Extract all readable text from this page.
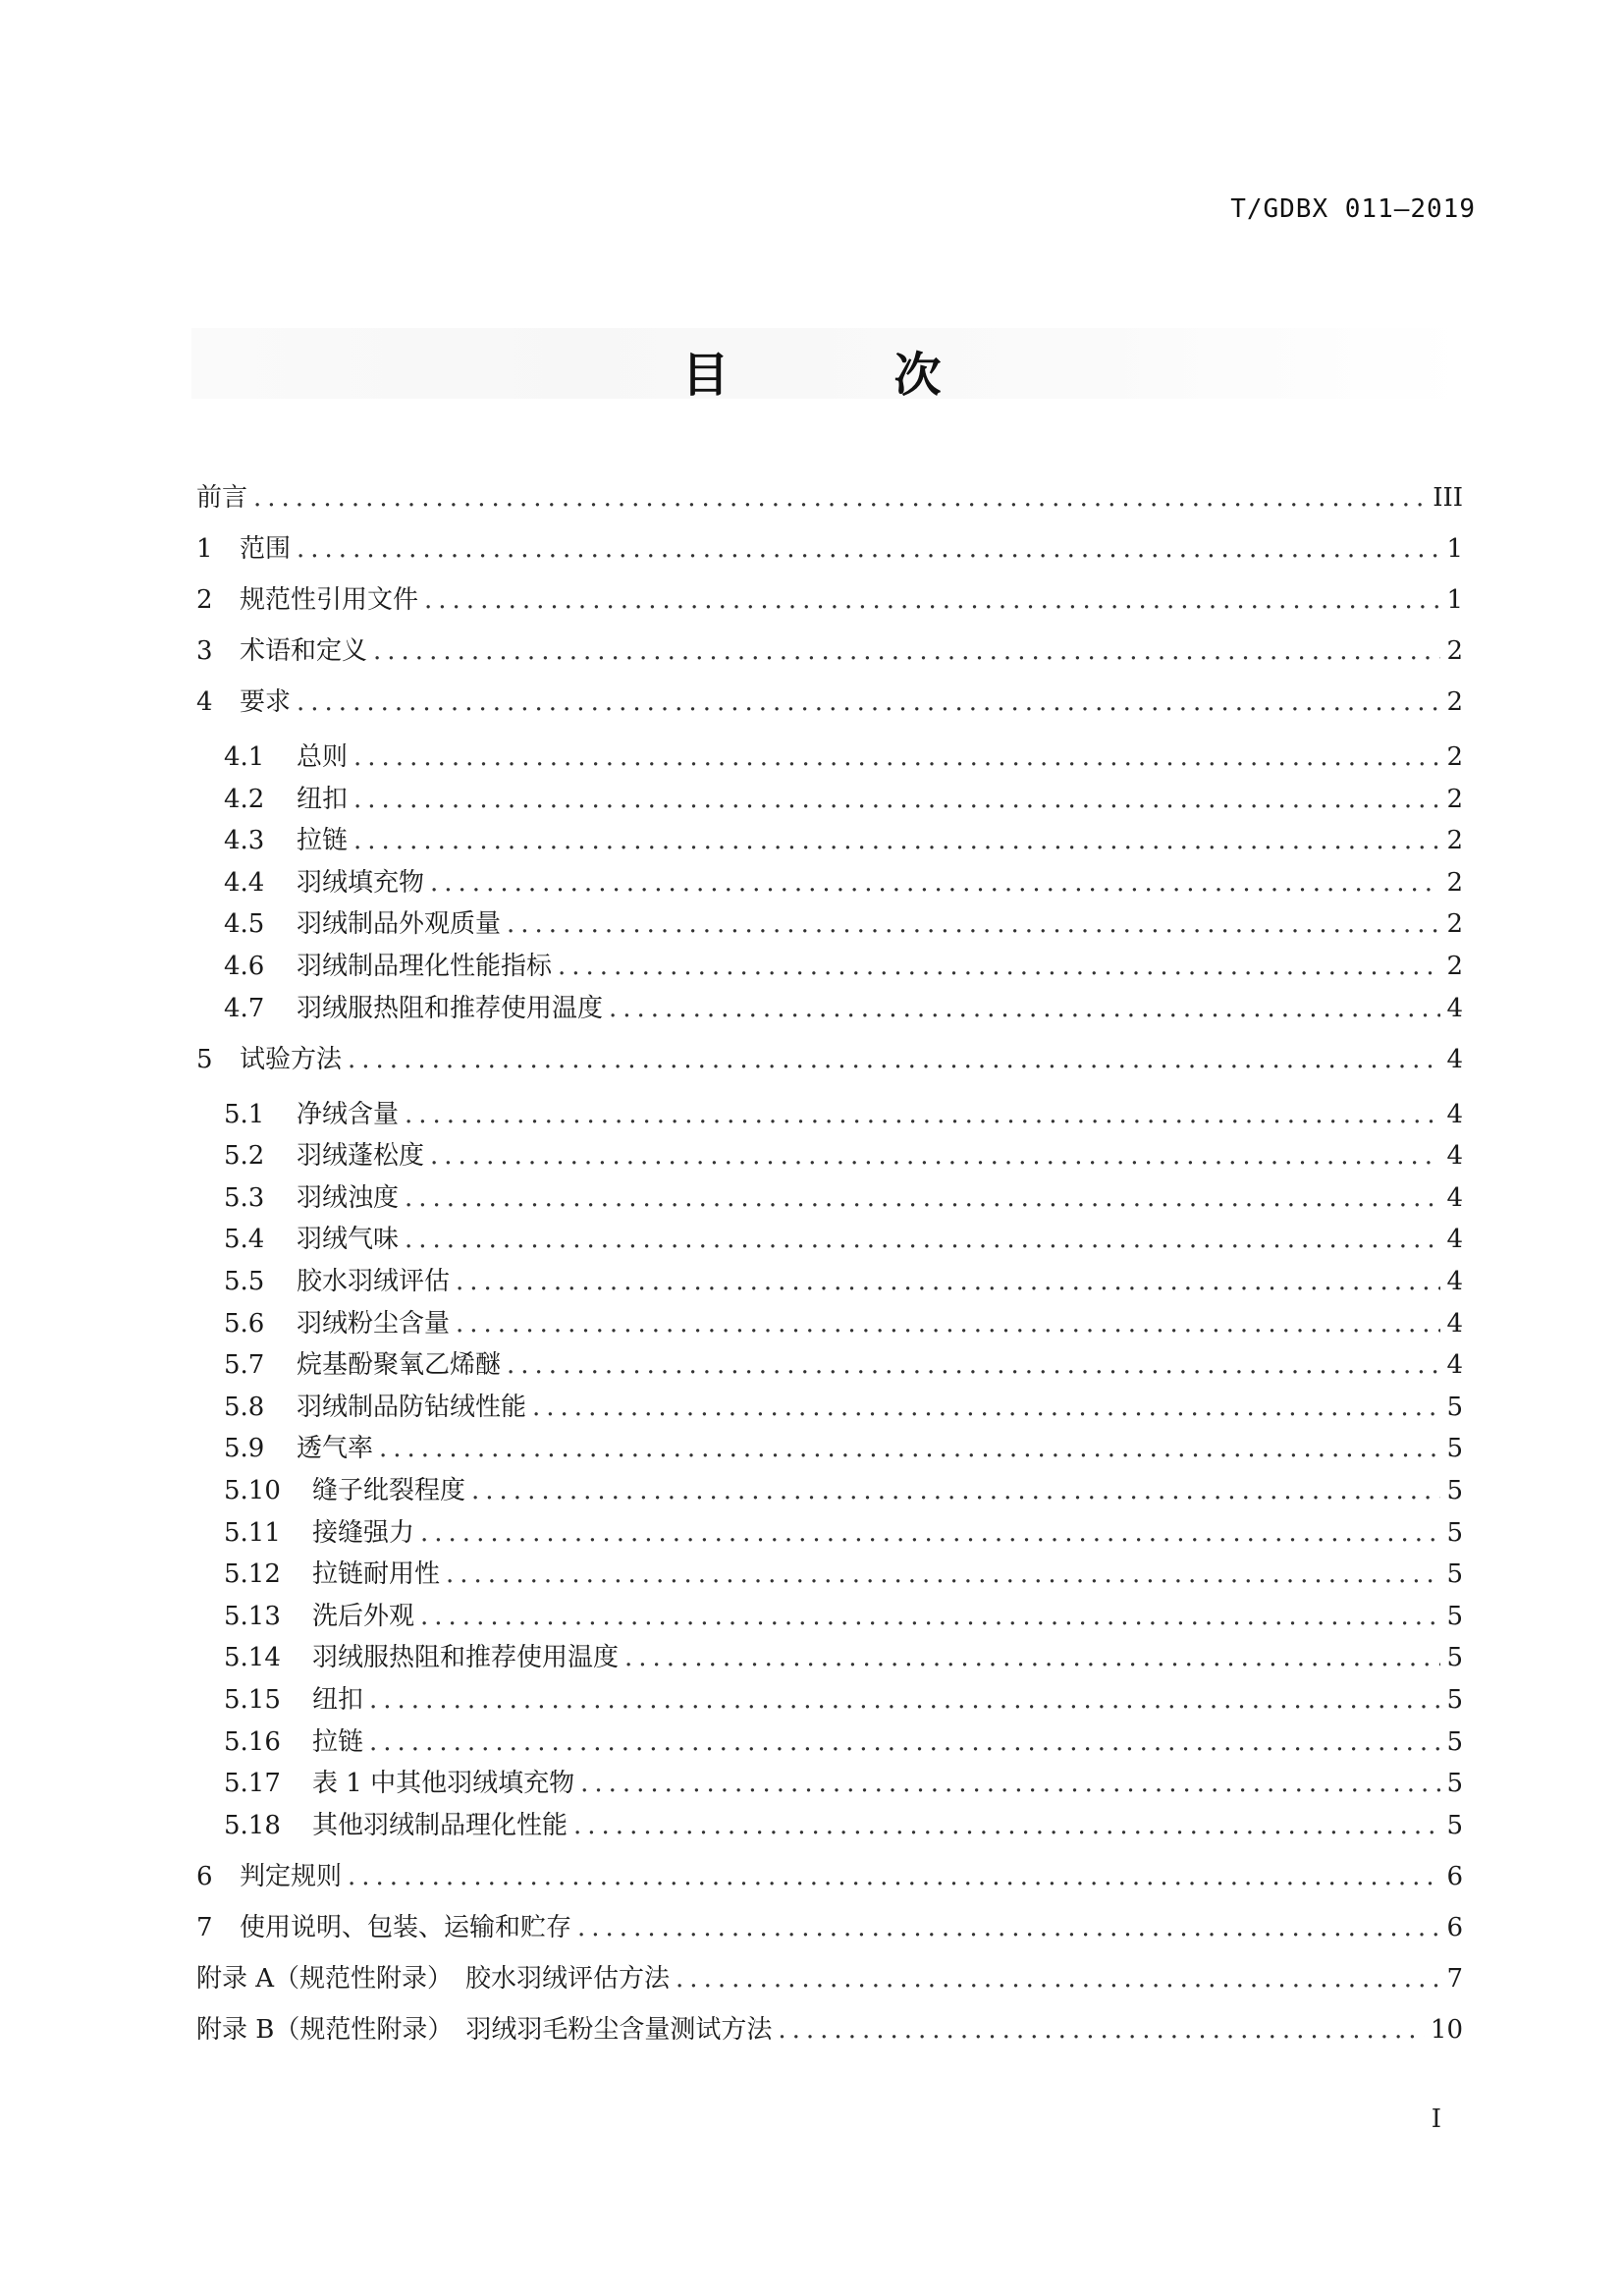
T/GDBX 011—2019
目　次
前言 .....	III
1	范围 .....	1
2	规范性引用文件 .....	1
3	术语和定义 .....	2
4	要求 .....	2
4.1	总则 .....	2
4.2	纽扣 .....	2
4.3	拉链 .....	2
4.4	羽绒填充物 .....	2
4.5	羽绒制品外观质量 .....	2
4.6	羽绒制品理化性能指标 .....	2
4.7	羽绒服热阻和推荐使用温度 .....	4
5	试验方法 .....	4
5.1	净绒含量 .....	4
5.2	羽绒蓬松度 .....	4
5.3	羽绒浊度 .....	4
5.4	羽绒气味 .....	4
5.5	胶水羽绒评估 .....	4
5.6	羽绒粉尘含量 .....	4
5.7	烷基酚聚氧乙烯醚 .....	4
5.8	羽绒制品防钻绒性能 .....	5
5.9	透气率 .....	5
5.10	缝子纰裂程度 .....	5
5.11	接缝强力 .....	5
5.12	拉链耐用性 .....	5
5.13	洗后外观 .....	5
5.14	羽绒服热阻和推荐使用温度 .....	5
5.15	纽扣 .....	5
5.16	拉链 .....	5
5.17	表 1 中其他羽绒填充物 .....	5
5.18	其他羽绒制品理化性能 .....	5
6	判定规则 .....	6
7	使用说明、包装、运输和贮存 .....	6
附录 A（规范性附录）　胶水羽绒评估方法 .....	7
附录 B（规范性附录）　羽绒羽毛粉尘含量测试方法 .....	10
I
